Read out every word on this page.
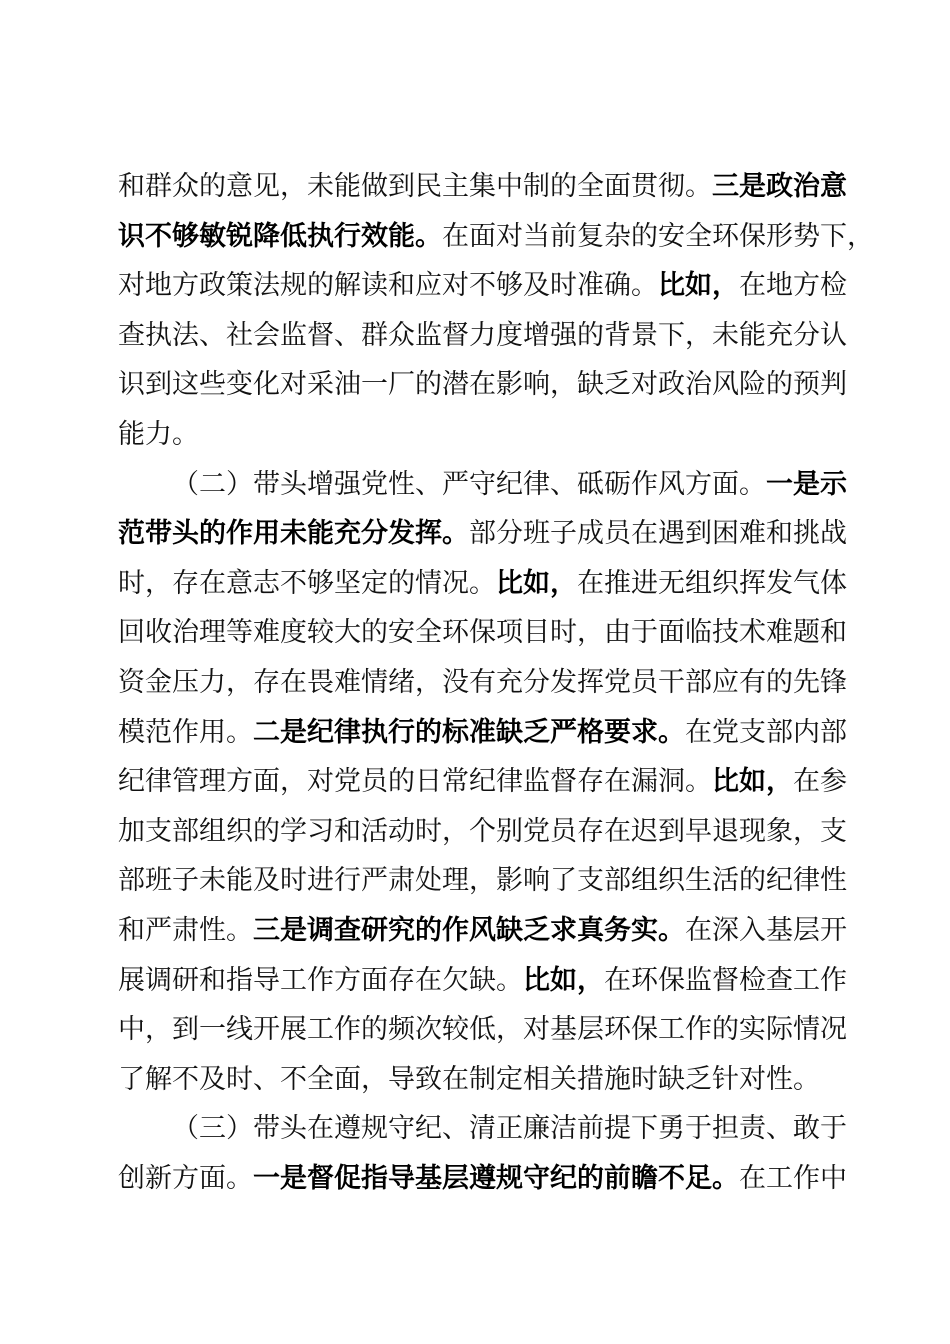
和群众的意见，未能做到民主集中制的全面贯彻。三是政治意
识不够敏锐降低执行效能。在面对当前复杂的安全环保形势下，
对地方政策法规的解读和应对不够及时准确。比如，在地方检
查执法、社会监督、群众监督力度增强的背景下，未能充分认
识到这些变化对采油一厂的潜在影响，缺乏对政治风险的预判
能力。
（二）带头增强党性、严守纪律、砥砺作风方面。一是示
范带头的作用未能充分发挥。部分班子成员在遇到困难和挑战
时，存在意志不够坚定的情况。比如，在推进无组织挥发气体
回收治理等难度较大的安全环保项目时，由于面临技术难题和
资金压力，存在畏难情绪，没有充分发挥党员干部应有的先锋
模范作用。二是纪律执行的标准缺乏严格要求。在党支部内部
纪律管理方面，对党员的日常纪律监督存在漏洞。比如，在参
加支部组织的学习和活动时，个别党员存在迟到早退现象，支
部班子未能及时进行严肃处理，影响了支部组织生活的纪律性
和严肃性。三是调查研究的作风缺乏求真务实。在深入基层开
展调研和指导工作方面存在欠缺。比如，在环保监督检查工作
中，到一线开展工作的频次较低，对基层环保工作的实际情况
了解不及时、不全面，导致在制定相关措施时缺乏针对性。
（三）带头在遵规守纪、清正廉洁前提下勇于担责、敢于
创新方面。一是督促指导基层遵规守纪的前瞻不足。在工作中
